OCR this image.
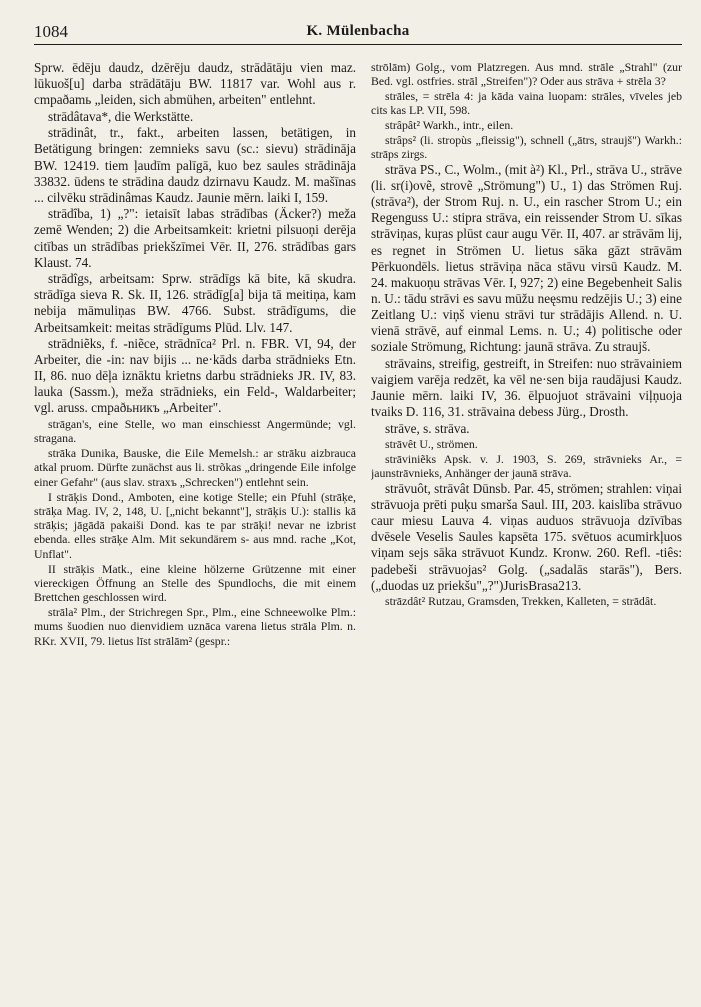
1084	K. Mülenbacha

Sprw. ēdēju daudz, dzērēju daudz, strādātāju vien maz. lūkuoš[u] darba strādātāju BW. 11817 var. Wohl aus r. cmpaðamь „leiden, sich abmühen, arbeiten" entlehnt.

strādâtava*, die Werkstätte.

strādinât, tr., fakt., arbeiten lassen, betätigen, in Betätigung bringen: zemnieks savu (sc.: sievu) strādināja BW. 12419. tiem ļaudīm palīgā, kuo bez saules strādināja 33832. ūdens te strādina daudz dzirnavu Kaudz. M. mašīnas ... cilvēku strādinâmas Kaudz. Jaunie mērn. laiki I, 159.

strādîba, 1) „?": ietaisīt labas strādības (Äcker?) meža zemē Wenden; 2) die Arbeitsamkeit: krietni pilsuoņi derēja citības un strādības priekšzīmei Vēr. II, 276. strādības gars Klaust. 74.

strādîgs, arbeitsam: Sprw. strādīgs kā bite, kā skudra. strādīga sieva R. Sk. II, 126. strādīg[a] bija tā meitiņa, kam nebija māmuliņas BW. 4766. Subst. strādīgums, die Arbeitsamkeit: meitas strādīgums Plūd. Llv. 147.

strādniẽks, f. -niẽce, strādnīca² Prl. n. FBR. VI, 94, der Arbeiter, die -in: nav bijis ... ne·kāds darba strādnieks Etn. II, 86. nuo dēļa iznāktu krietns darbu strādnieks JR. IV, 83. lauka (Sassm.), meža strādnieks, ein Feld-, Waldarbeiter; vgl. aruss. cmpaðьникъ „Arbeiter".

strāgan's, eine Stelle, wo man einschiesst Angermünde; vgl. stragana.

strāka Dunika, Bauske, die Eile Memelsh.: ar strāku aizbrauca atkal pruom. Dürfte zunächst aus li. strõkas „dringende Eile infolge einer Gefahr" (aus slav. straxъ „Schrecken") entlehnt sein.

I strāķis Dond., Amboten, eine kotige Stelle; ein Pfuhl (strāķe, strāķa Mag. IV, 2, 148, U. [„nicht bekannt"], strāķis U.): stallis kā strāķis; jāgādā pakaiši Dond. kas te par strāķi! nevar ne izbrist ebenda. elles strāķe Alm. Mit sekundärem s- aus mnd. rache „Kot, Unflat".

II strāķis Matk., eine kleine hölzerne Grützenne mit einer viereckigen Öffnung an Stelle des Spundlochs, die mit einem Brettchen geschlossen wird.

strāla² Plm., der Strichregen Spr., Plm., eine Schneewolke Plm.: mums šuodien nuo dienvidiem uznāca varena lietus strāla Plm. n. RKr. XVII, 79. lietus līst strālām² (gespr.:

strōlām) Golg., vom Platzregen. Aus mnd. strāle „Strahl" (zur Bed. vgl. ostfries. strāl „Streifen")? Oder aus strāva + strēla 3?

strāles, = strēla 4: ja kāda vaina luopam: strāles, vīveles jeb cits kas LP. VII, 598.

strâpât² Warkh., intr., eilen.

strâps² (li. stropùs „fleissig"), schnell („ātrs, straujš") Warkh.: strāps zirgs.

strāva PS., C., Wolm., (mit à²) Kl., Prl., strāva U., strāve (li. sr(i)ovẽ, strovẽ „Strömung") U., 1) das Strömen Ruj. (strāva²), der Strom Ruj. n. U., ein rascher Strom U.; ein Regenguss U.: stipra strāva, ein reissender Strom U. sīkas strāviņas, kuŗas plūst caur augu Vēr. II, 407. ar strāvām lij, es regnet in Strömen U. lietus sāka gāzt strāvām Pērkuondēls. lietus strāviņa nāca stāvu virsū Kaudz. M. 24. makuoņu strāvas Vēr. I, 927; 2) eine Begebenheit Salis n. U.: tādu strāvi es savu mūžu neęsmu redzējis U.; 3) eine Zeitlang U.: viņš vienu strāvi tur strādājis Allend. n. U. vienā strāvē, auf einmal Lems. n. U.; 4) politische oder soziale Strömung, Richtung: jaunā strāva. Zu straujš.

strāvains, streifig, gestreift, in Streifen: nuo strāvainiem vaigiem varēja redzēt, ka vēl ne·sen bija raudājusi Kaudz. Jaunie mērn. laiki IV, 36. ēlpuojuot strāvaini viļņuoja tvaiks D. 116, 31. strāvaina debess Jürg., Drosth.

strāve, s. strāva.

strāvêt U., strömen.

strāviniẽks Apsk. v. J. 1903, S. 269, strāvnieks Ar., = jaunstrāvnieks, Anhänger der jaunā strāva.

strāvuôt, strāvât Dūnsb. Par. 45, strömen; strahlen: viņai strāvuoja prēti puķu smarša Saul. III, 203. kaislība strāvuo caur miesu Lauva 4. viņas auduos strāvuoja dzīvības dvēsele Veselis Saules kapsēta 175. svētuos acumirkļuos viņam sejs sāka strāvuot Kundz. Kronw. 260. Refl. -tiês: padebeši strāvuojas² Golg. („sadalās starās"), Bers. („duodas uz priekšu"„?")JurisBrasa213.

strāzdât² Rutzau, Gramsden, Trekken, Kalleten, = strādât.
